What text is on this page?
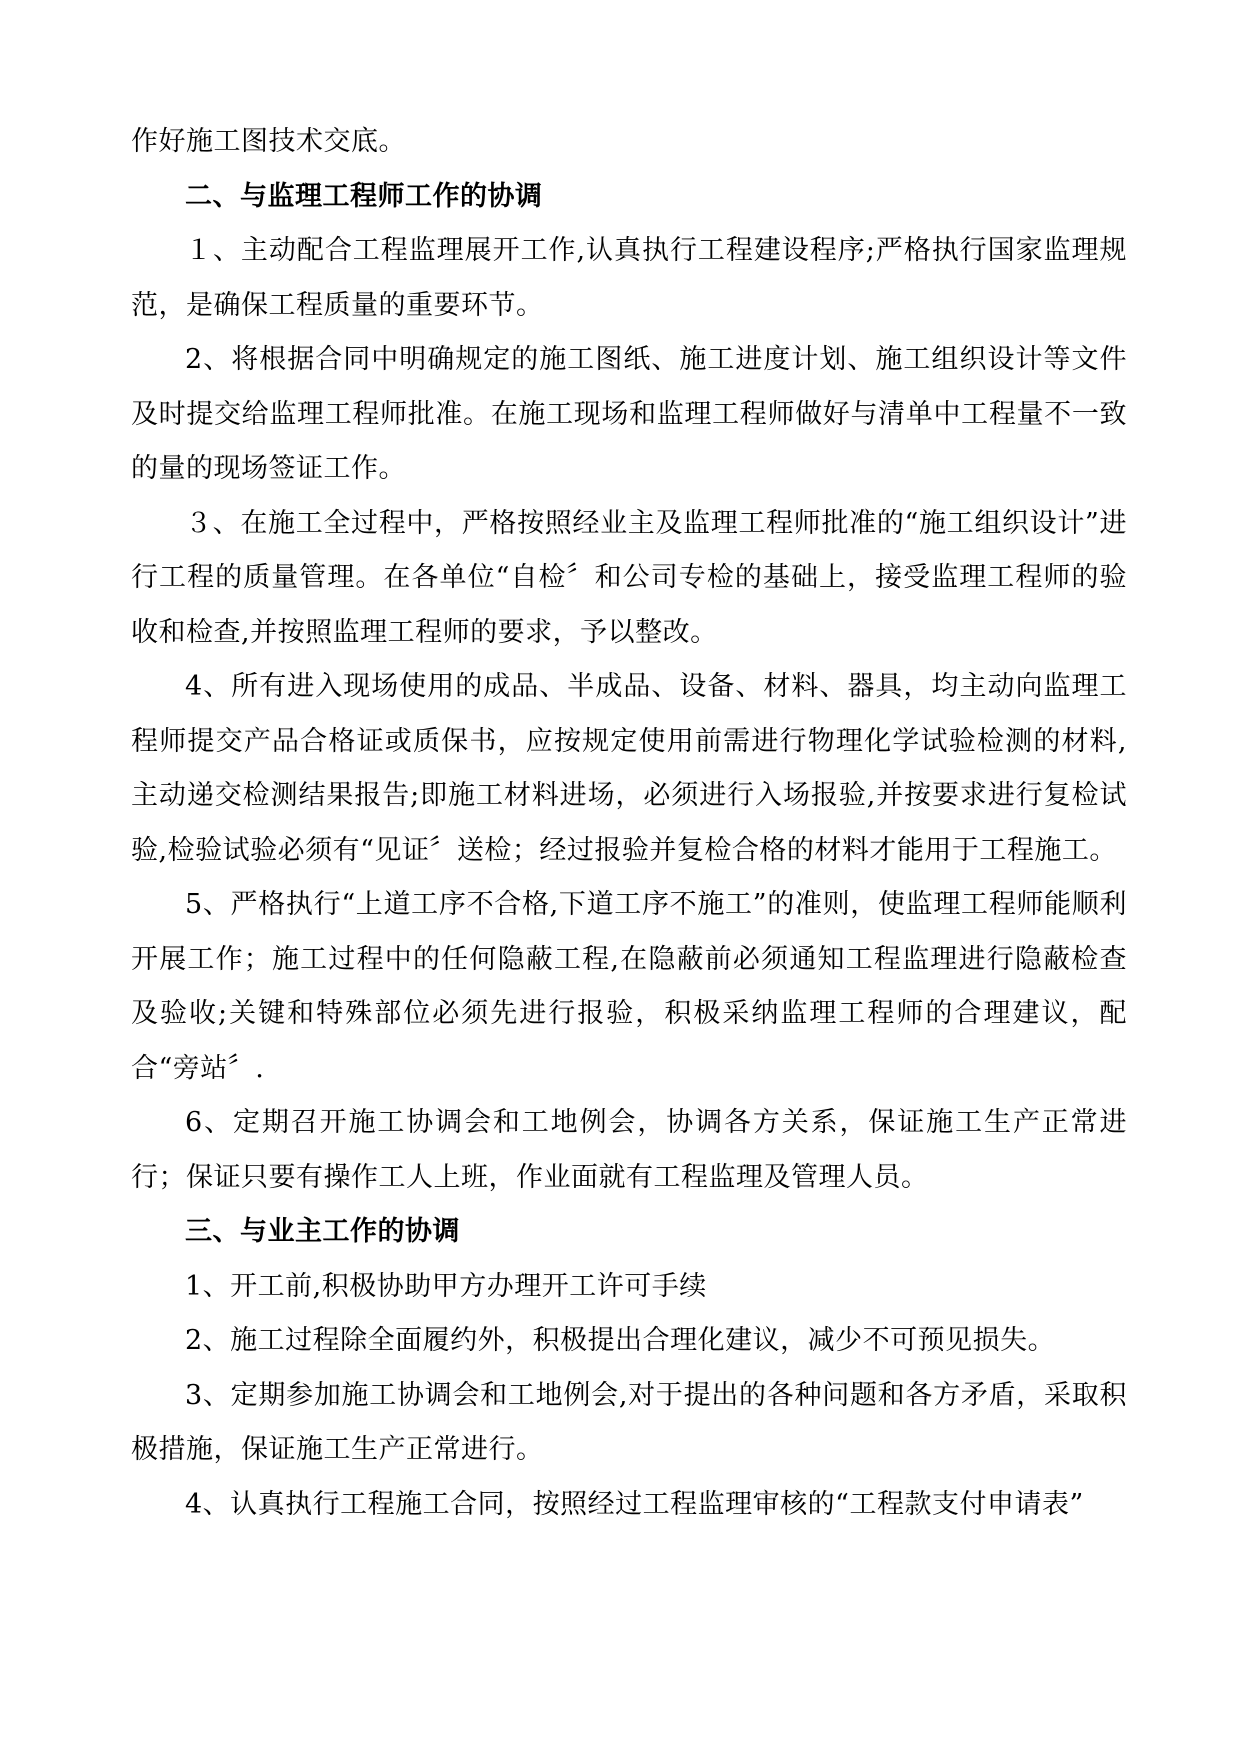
作好施工图技术交底。

二、与监理工程师工作的协调

１、主动配合工程监理展开工作,认真执行工程建设程序;严格执行国家监理规范，是确保工程质量的重要环节。

2、将根据合同中明确规定的施工图纸、施工进度计划、施工组织设计等文件及时提交给监理工程师批准。在施工现场和监理工程师做好与清单中工程量不一致的量的现场签证工作。

３、在施工全过程中，严格按照经业主及监理工程师批准的“施工组织设计”进行工程的质量管理。在各单位“自检〞和公司专检的基础上，接受监理工程师的验收和检查,并按照监理工程师的要求，予以整改。

4、所有进入现场使用的成品、半成品、设备、材料、器具，均主动向监理工程师提交产品合格证或质保书，应按规定使用前需进行物理化学试验检测的材料,主动递交检测结果报告;即施工材料进场，必须进行入场报验,并按要求进行复检试验,检验试验必须有“见证〞送检；经过报验并复检合格的材料才能用于工程施工。

5、严格执行“上道工序不合格,下道工序不施工”的准则，使监理工程师能顺利开展工作；施工过程中的任何隐蔽工程,在隐蔽前必须通知工程监理进行隐蔽检查及验收;关键和特殊部位必须先进行报验，积极采纳监理工程师的合理建议，配合“旁站〞.

6、定期召开施工协调会和工地例会，协调各方关系，保证施工生产正常进行；保证只要有操作工人上班，作业面就有工程监理及管理人员。

三、与业主工作的协调

1、开工前,积极协助甲方办理开工许可手续

2、施工过程除全面履约外，积极提出合理化建议，减少不可预见损失。

3、定期参加施工协调会和工地例会,对于提出的各种问题和各方矛盾，采取积极措施，保证施工生产正常进行。

4、认真执行工程施工合同，按照经过工程监理审核的“工程款支付申请表”
